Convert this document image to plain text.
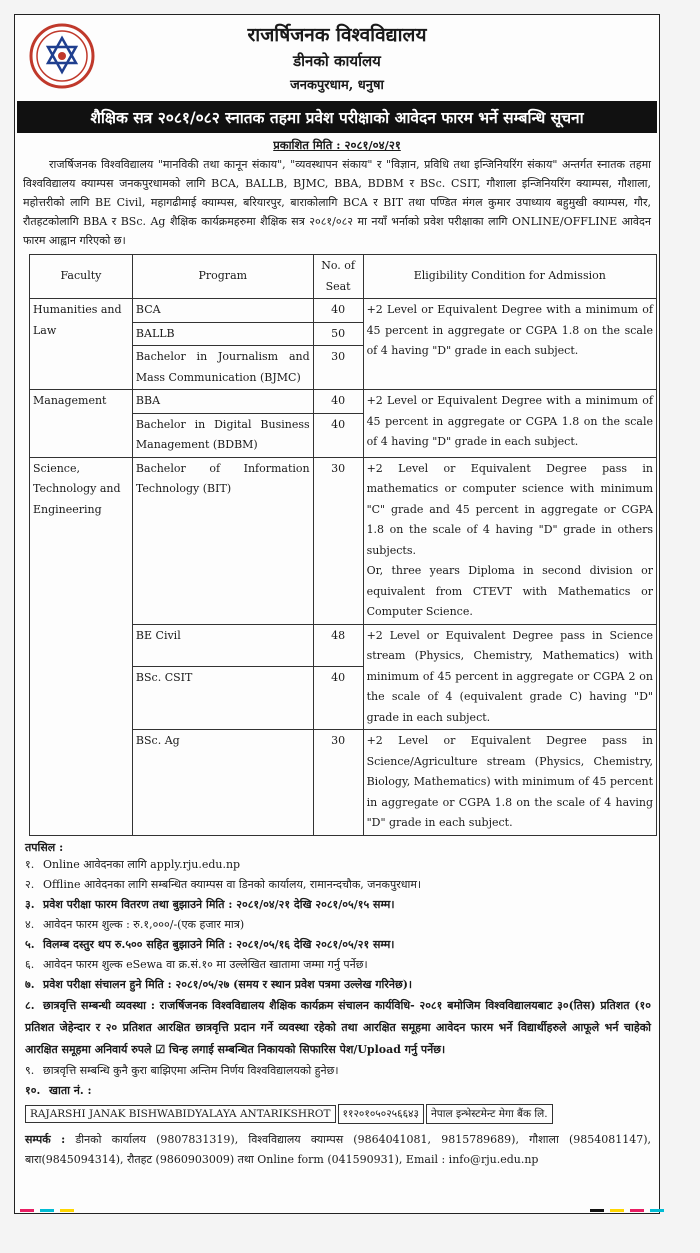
राजर्षिजनक विश्वविद्यालय
डीनको कार्यालय
जनकपुरधाम, धनुषा
शैक्षिक सत्र २०८१/०८२ स्नातक तहमा प्रवेश परीक्षाको आवेदन फारम भर्ने सम्बन्धि सूचना
प्रकाशित मिति : २०८१/०४/२१
राजर्षिजनक विश्वविद्यालय "मानविकी तथा कानून संकाय", "व्यवस्थापन संकाय" र "विज्ञान, प्रविधि तथा इन्जिनियरिंग संकाय" अन्तर्गत स्नातक तहमा विश्वविद्यालय क्याम्पस जनकपुरधामको लागि BCA, BALLB, BJMC, BBA, BDBM र BSc. CSIT, गौशाला इन्जिनियरिंग क्याम्पस, गौशाला, महोत्तरीको लागि BE Civil, महागढीमाई क्याम्पस, बरियारपुर, बाराकोलागि BCA र BIT तथा पण्डित मंगल कुमार उपाध्याय बहुमुखी क्याम्पस, गौर, रौतहटकोलागि BBA र BSc. Ag शैक्षिक कार्यक्रमहरुमा शैक्षिक सत्र २०८१/०८२ मा नयाँ भर्नाको प्रवेश परीक्षाका लागि ONLINE/OFFLINE आवेदन फारम आह्वान गरिएको छ।
Faculty	Program	No. of Seat	Eligibility Condition for Admission
Humanities and Law	BCA	40	+2 Level or Equivalent Degree with a minimum of 45 percent in aggregate or CGPA 1.8 on the scale of 4 having "D" grade in each subject.
	BALLB	50	
	Bachelor in Journalism and Mass Communication (BJMC)	30	
Management	BBA	40	+2 Level or Equivalent Degree with a minimum of 45 percent in aggregate or CGPA 1.8 on the scale of 4 having "D" grade in each subject.
	Bachelor in Digital Business Management (BDBM)	40	
Science, Technology and Engineering	Bachelor of Information Technology (BIT)	30	+2 Level or Equivalent Degree pass in mathematics or computer science with minimum "C" grade and 45 percent in aggregate or CGPA 1.8 on the scale of 4 having "D" grade in others subjects.
Or, three years Diploma in second division or equivalent from CTEVT with Mathematics or Computer Science.

	BE Civil	48	+2 Level or Equivalent Degree pass in Science stream (Physics, Chemistry, Mathematics) with minimum of 45 percent in aggregate or CGPA 2 on the scale of 4 (equivalent grade C) having "D" grade in each subject.
	BSc. CSIT	40	
	BSc. Ag	30	+2 Level or Equivalent Degree pass in Science/Agriculture stream (Physics, Chemistry, Biology, Mathematics) with minimum of 45 percent in aggregate or CGPA 1.8 on the scale of 4 having "D" grade in each subject.
तपसिल :
१. Online आवेदनका लागि apply.rju.edu.np
२. Offline आवेदनका लागि सम्बन्धित क्याम्पस वा डिनको कार्यालय, रामानन्दचौक, जनकपुरधाम।
३. प्रवेश परीक्षा फारम वितरण तथा बुझाउने मिति : २०८१/०४/२१ देखि २०८१/०५/१५ सम्म।
४. आवेदन फारम शुल्क : रु.१,०००/-(एक हजार मात्र)
५. विलम्ब दस्तुर थप रु.५०० सहित बुझाउने मिति : २०८१/०५/१६ देखि २०८१/०५/२१ सम्म।
६. आवेदन फारम शुल्क eSewa वा क्र.सं.१० मा उल्लेखित खातामा जम्मा गर्नु पर्नेछ।
७. प्रवेश परीक्षा संचालन हुने मिति : २०८१/०५/२७ (समय र स्थान प्रवेश पत्रमा उल्लेख गरिनेछ)।
८. छात्रवृत्ति सम्बन्धी व्यवस्था : राजर्षिजनक विश्वविद्यालय शैक्षिक कार्यक्रम संचालन कार्यविधि- २०८१ बमोजिम विश्वविद्यालयबाट ३०(तिस) प्रतिशत (१० प्रतिशत जेहेन्दार र २० प्रतिशत आरक्षित छात्रवृत्ति प्रदान गर्ने व्यवस्था रहेको तथा आरक्षित समूहमा आवेदन फारम भर्ने विद्यार्थीहरुले आफूले भर्न चाहेको आरक्षित समूहमा अनिवार्य रुपले ☑ चिन्ह लगाई सम्बन्धित निकायको सिफारिस पेश/Upload गर्नु पर्नेछ।
९. छात्रवृत्ति सम्बन्धि कुनै कुरा बाझिएमा अन्तिम निर्णय विश्वविद्यालयको हुनेछ।
१०. खाता नं. :
RAJARSHI JANAK BISHWABIDYALAYA ANTARIKSHROT	११२०१०५०२५६६४३	नेपाल इन्भेस्टमेन्ट मेगा बैंक लि.
सम्पर्क : डीनको कार्यालय (9807831319), विश्वविद्यालय क्याम्पस (9864041081, 9815789689), गौशाला (9854081147), बारा(9845094314), रौतहट (9860903009) तथा Online form (041590931), Email : info@rju.edu.np
